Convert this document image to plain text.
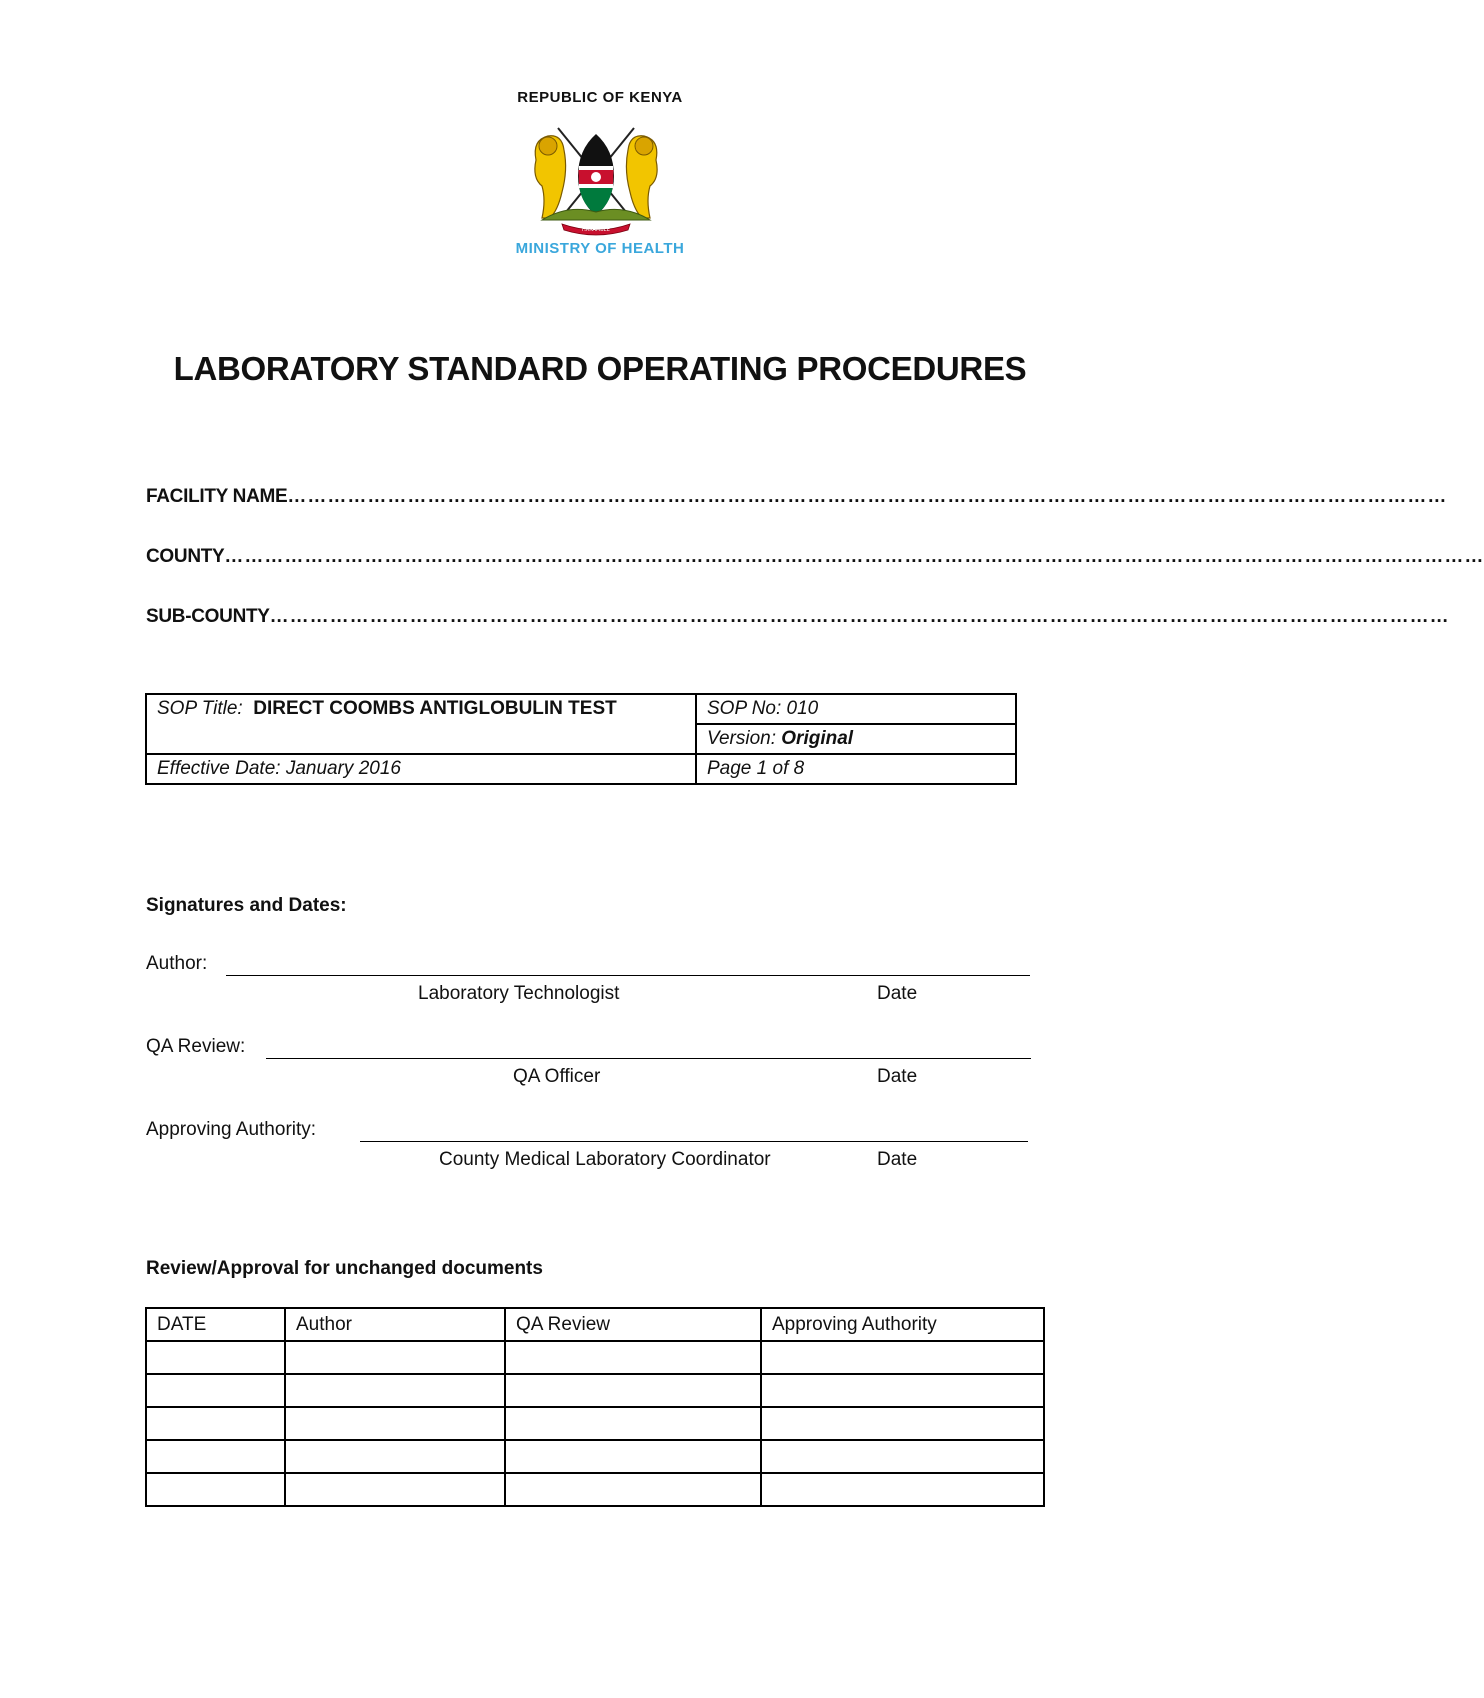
REPUBLIC OF KENYA
HARAMBEE
MINISTRY OF HEALTH
LABORATORY STANDARD OPERATING PROCEDURES
FACILITY NAME…………………………………………………………………………………………………………………………………………………………
COUNTY………………………………………………………………………………………………………………………………………………………………………
SUB-COUNTY……………………………………………………………………………………………………………………………………………………………
SOP Title: DIRECT COOMBS ANTIGLOBULIN TEST	SOP No: 010
	Version: Original
Effective Date: January 2016	Page 1 of 8
Signatures and Dates:
Author:
Laboratory Technologist	Date
QA Review:
QA Officer	Date
Approving Authority:
County Medical Laboratory Coordinator	Date
Review/Approval for unchanged documents
DATE	Author	QA Review	Approving Authority
